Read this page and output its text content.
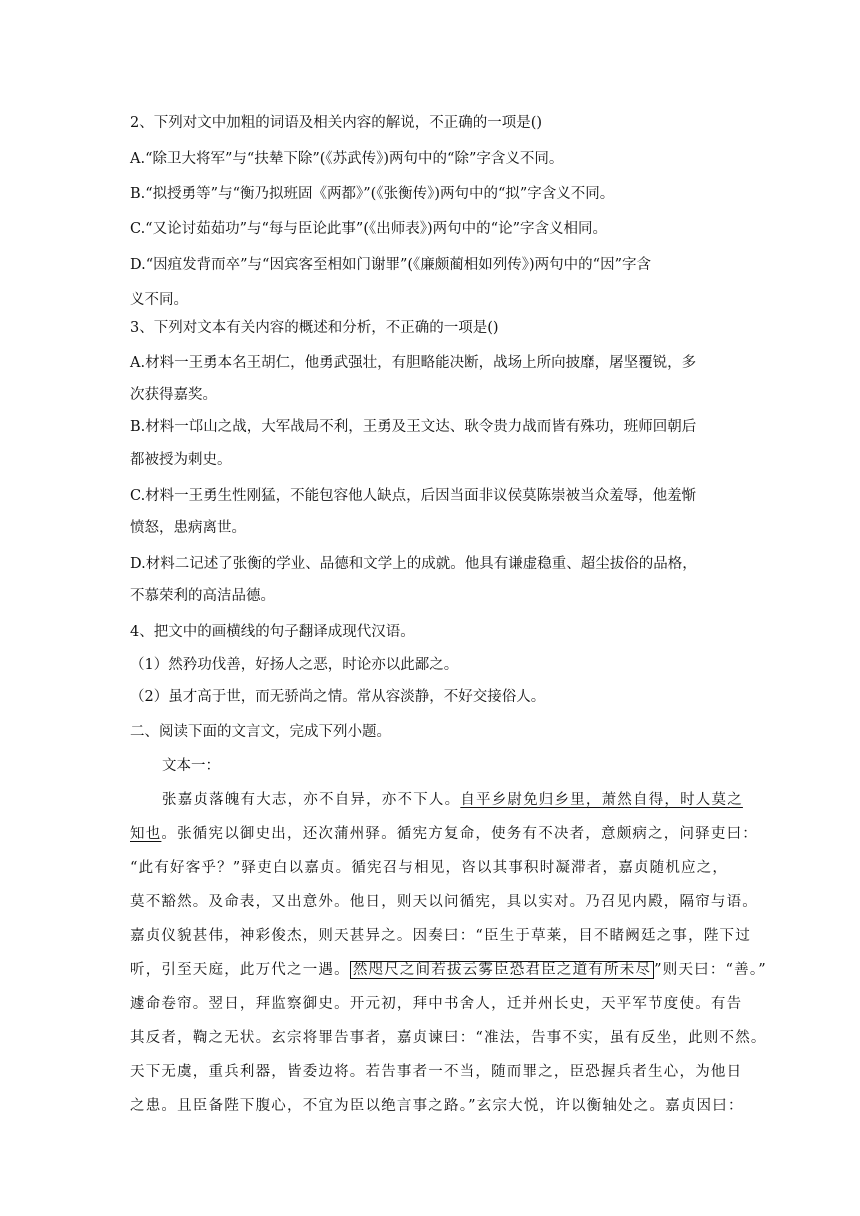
2、下列对文中加粗的词语及相关内容的解说，不正确的一项是()
A.“除卫大将军”与“扶辇下除”(《苏武传》)两句中的“除”字含义不同。
B.“拟授勇等”与“衡乃拟班固《两都》”(《张衡传》)两句中的“拟”字含义不同。
C.“又论讨茹茹功”与“每与臣论此事”(《出师表》)两句中的“论”字含义相同。
D.“因疽发背而卒”与“因宾客至相如门谢罪”(《廉颇蔺相如列传》)两句中的“因”字含
义不同。
3、下列对文本有关内容的概述和分析，不正确的一项是()
A.材料一王勇本名王胡仁，他勇武强壮，有胆略能决断，战场上所向披靡，屠坚覆锐，多
次获得嘉奖。
B.材料一邙山之战，大军战局不利，王勇及王文达、耿令贵力战而皆有殊功，班师回朝后
都被授为刺史。
C.材料一王勇生性刚猛，不能包容他人缺点，后因当面非议侯莫陈崇被当众羞辱，他羞惭
愤怒，患病离世。
D.材料二记述了张衡的学业、品德和文学上的成就。他具有谦虚稳重、超尘拔俗的品格，
不慕荣利的高洁品德。
4、把文中的画横线的句子翻译成现代汉语。
（1）然矜功伐善，好扬人之恶，时论亦以此鄙之。
（2）虽才高于世，而无骄尚之情。常从容淡静，不好交接俗人。
二、阅读下面的文言文，完成下列小题。
文本一：
张嘉贞落魄有大志，亦不自异，亦不下人。自平乡尉免归乡里，萧然自得，时人莫之
知也。张循宪以御史出，还次蒲州驿。循宪方复命，使务有不决者，意颇病之，问驿吏曰：
“此有好客乎？”驿吏白以嘉贞。循宪召与相见，咨以其事积时凝滞者，嘉贞随机应之，
莫不豁然。及命表，又出意外。他日，则天以问循宪，具以实对。乃召见内殿，隔帘与语。
嘉贞仪貌甚伟，神彩俊杰，则天甚异之。因奏曰：“臣生于草莱，目不睹阙廷之事，陛下过
听，引至天庭，此万代之一遇。 然咫尺之间若拔云雾臣恐君臣之道有所未尽 ”则天曰：“善。”
遽命卷帘。翌日，拜监察御史。开元初，拜中书舍人，迁并州长史，天平军节度使。有告
其反者，鞫之无状。玄宗将罪告事者，嘉贞谏曰：“准法，告事不实，虽有反坐，此则不然。
天下无虞，重兵利器，皆委边将。若告事者一不当，随而罪之，臣恐握兵者生心，为他日
之患。且臣备陛下腹心，不宜为臣以绝言事之路。”玄宗大悦，许以衡轴处之。嘉贞因曰：
